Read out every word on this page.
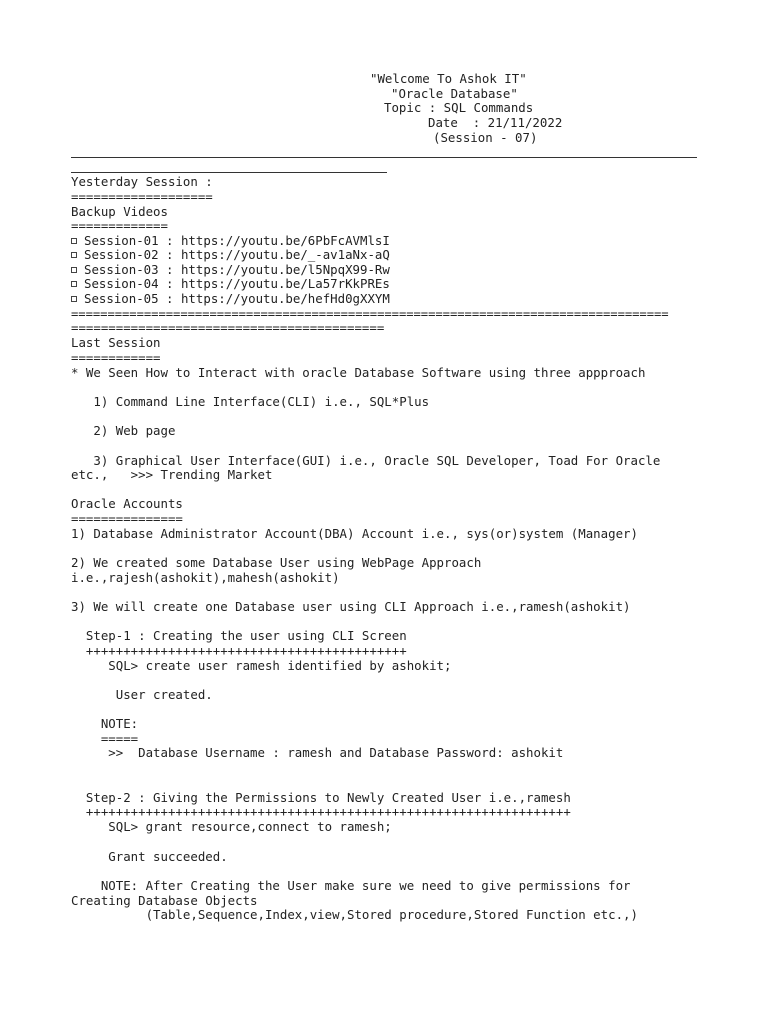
"Welcome To Ashok IT"

"Oracle Database"

Topic : SQL Commands

Date  : 21/11/2022

(Session - 07)

Yesterday Session :

===================

Backup Videos

=============

Session-01 : https://youtu.be/6PbFcAVMlsI

Session-02 : https://youtu.be/_-av1aNx-aQ

Session-03 : https://youtu.be/l5NpqX99-Rw

Session-04 : https://youtu.be/La57rKkPREs

Session-05 : https://youtu.be/hefHd0gXXYM

==================================================================================

==========================================

Last Session

============

* We Seen How to Interact with oracle Database Software using three appproach

1) Command Line Interface(CLI) i.e., SQL*Plus

2) Web page

3) Graphical User Interface(GUI) i.e., Oracle SQL Developer, Toad For Oracle

etc.,   >>> Trending Market

Oracle Accounts

===============

1) Database Administrator Account(DBA) Account i.e., sys(or)system (Manager)

2) We created some Database User using WebPage Approach

i.e.,rajesh(ashokit),mahesh(ashokit)

3) We will create one Database user using CLI Approach i.e.,ramesh(ashokit)

Step-1 : Creating the user using CLI Screen

+++++++++++++++++++++++++++++++++++++++++++

SQL> create user ramesh identified by ashokit;

User created.

NOTE:

=====

>>  Database Username : ramesh and Database Password: ashokit

Step-2 : Giving the Permissions to Newly Created User i.e.,ramesh

+++++++++++++++++++++++++++++++++++++++++++++++++++++++++++++++++

SQL> grant resource,connect to ramesh;

Grant succeeded.

NOTE: After Creating the User make sure we need to give permissions for

Creating Database Objects

(Table,Sequence,Index,view,Stored procedure,Stored Function etc.,)
